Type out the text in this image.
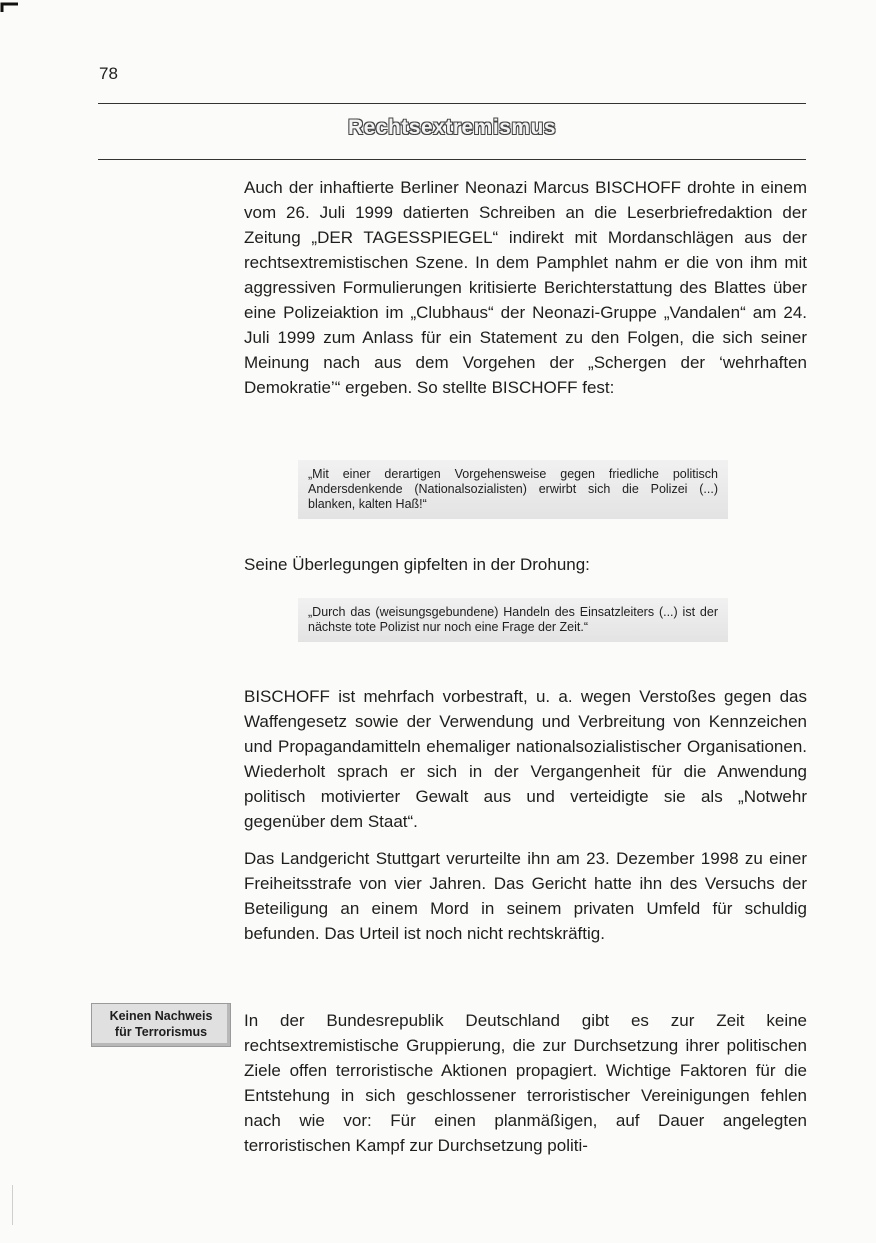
78
Rechtsextremismus
Auch der inhaftierte Berliner Neonazi Marcus BISCHOFF drohte in einem vom 26. Juli 1999 datierten Schreiben an die Leserbriefredaktion der Zeitung „DER TAGESSPIEGEL“ indirekt mit Mordanschlägen aus der rechtsextremistischen Szene. In dem Pamphlet nahm er die von ihm mit aggressiven Formulierungen kritisierte Berichterstattung des Blattes über eine Polizeiaktion im „Clubhaus“ der Neonazi-Gruppe „Vandalen“ am 24. Juli 1999 zum Anlass für ein Statement zu den Folgen, die sich seiner Meinung nach aus dem Vorgehen der „Schergen der ‘wehrhaften Demokratie’“ ergeben. So stellte BISCHOFF fest:
„Mit einer derartigen Vorgehensweise gegen friedliche politisch Andersdenkende (Nationalsozialisten) erwirbt sich die Polizei (...) blanken, kalten Haß!“
Seine Überlegungen gipfelten in der Drohung:
„Durch das (weisungsgebundene) Handeln des Einsatzleiters (...) ist der nächste tote Polizist nur noch eine Frage der Zeit.“
BISCHOFF ist mehrfach vorbestraft, u. a. wegen Verstoßes gegen das Waffengesetz sowie der Verwendung und Verbreitung von Kennzeichen und Propagandamitteln ehemaliger nationalsozialistischer Organisationen. Wiederholt sprach er sich in der Vergangenheit für die Anwendung politisch motivierter Gewalt aus und verteidigte sie als „Notwehr gegenüber dem Staat“.
Das Landgericht Stuttgart verurteilte ihn am 23. Dezember 1998 zu einer Freiheitsstrafe von vier Jahren. Das Gericht hatte ihn des Versuchs der Beteiligung an einem Mord in seinem privaten Umfeld für schuldig befunden. Das Urteil ist noch nicht rechtskräftig.
Keinen Nachweis
für Terrorismus
In der Bundesrepublik Deutschland gibt es zur Zeit keine rechtsextremistische Gruppierung, die zur Durchsetzung ihrer politischen Ziele offen terroristische Aktionen propagiert. Wichtige Faktoren für die Entstehung in sich geschlossener terroristischer Vereinigungen fehlen nach wie vor: Für einen planmäßigen, auf Dauer angelegten terroristischen Kampf zur Durchsetzung politi-
